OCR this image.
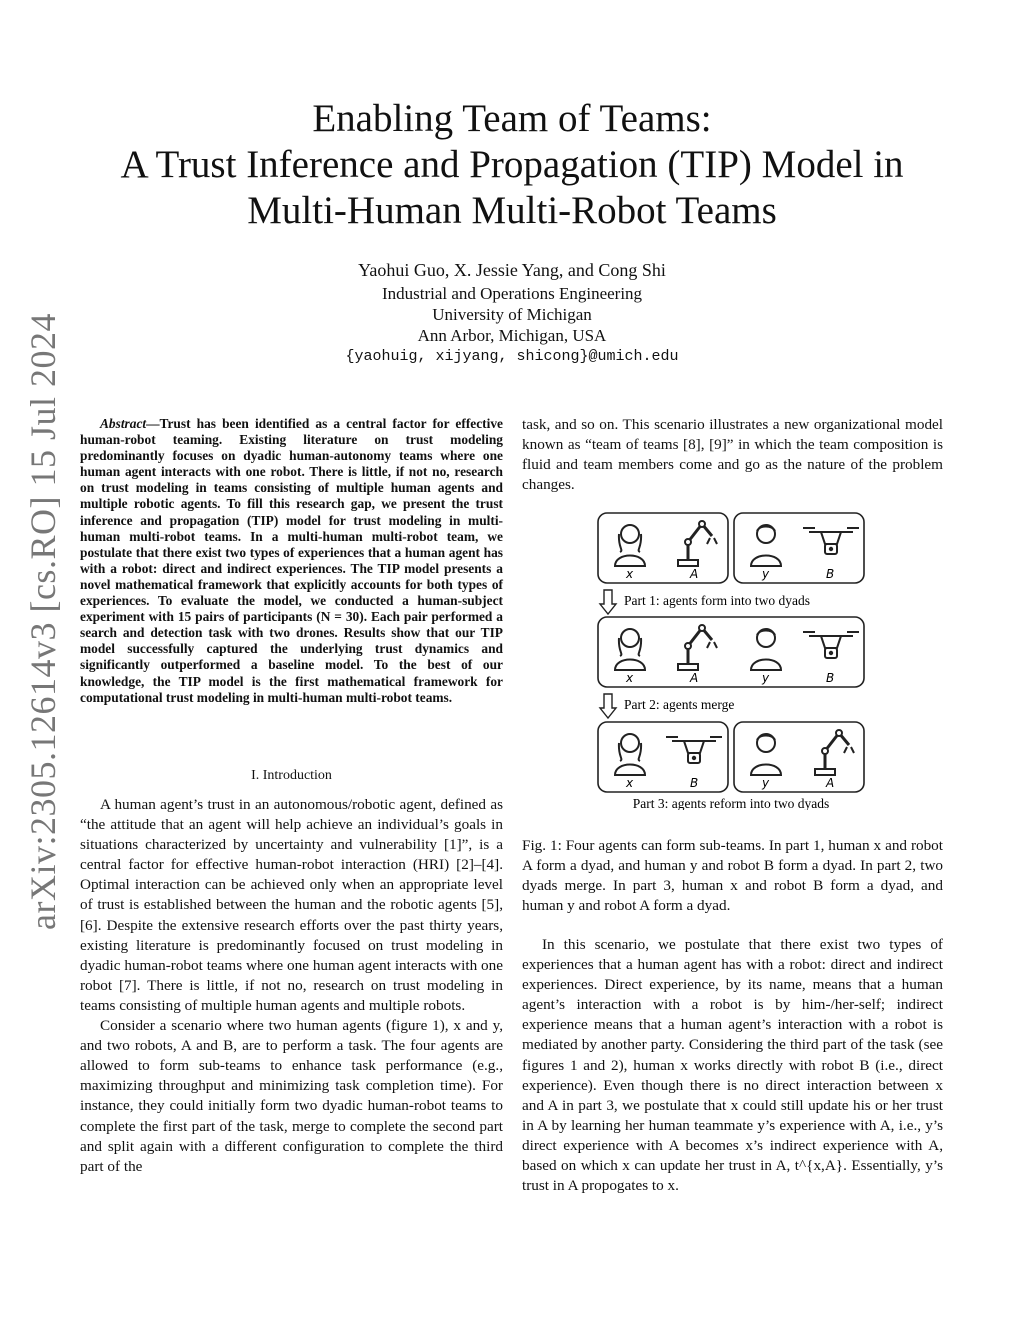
arXiv:2305.12614v3 [cs.RO] 15 Jul 2024
Enabling Team of Teams:
A Trust Inference and Propagation (TIP) Model in
Multi-Human Multi-Robot Teams
Yaohui Guo, X. Jessie Yang, and Cong Shi
Industrial and Operations Engineering
University of Michigan
Ann Arbor, Michigan, USA
{yaohuig, xijyang, shicong}@umich.edu

Abstract—Trust has been identified as a central factor for effective human-robot teaming. Existing literature on trust modeling predominantly focuses on dyadic human-autonomy teams where one human agent interacts with one robot. There is little, if not no, research on trust modeling in teams consisting of multiple human agents and multiple robotic agents. To fill this research gap, we present the trust inference and propagation (TIP) model for trust modeling in multi-human multi-robot teams. In a multi-human multi-robot team, we postulate that there exist two types of experiences that a human agent has with a robot: direct and indirect experiences. The TIP model presents a novel mathematical framework that explicitly accounts for both types of experiences. To evaluate the model, we conducted a human-subject experiment with 15 pairs of participants (N = 30). Each pair performed a search and detection task with two drones. Results show that our TIP model successfully captured the underlying trust dynamics and significantly outperformed a baseline model. To the best of our knowledge, the TIP model is the first mathematical framework for computational trust modeling in multi-human multi-robot teams.

I. Introduction

A human agent’s trust in an autonomous/robotic agent, defined as “the attitude that an agent will help achieve an individual’s goals in situations characterized by uncertainty and vulnerability [1]”, is a central factor for effective human-robot interaction (HRI) [2]–[4]. Optimal interaction can be achieved only when an appropriate level of trust is established between the human and the robotic agents [5], [6]. Despite the extensive research efforts over the past thirty years, existing literature is predominantly focused on trust modeling in dyadic human-robot teams where one human agent interacts with one robot [7]. There is little, if not no, research on trust modeling in teams consisting of multiple human agents and multiple robots.

Consider a scenario where two human agents (figure 1), x and y, and two robots, A and B, are to perform a task. The four agents are allowed to form sub-teams to enhance task performance (e.g., maximizing throughput and minimizing task completion time). For instance, they could initially form two dyadic human-robot teams to complete the first part of the task, merge to complete the second part and split again with a different configuration to complete the third part of the

task, and so on. This scenario illustrates a new organizational model known as “team of teams [8], [9]” in which the team composition is fluid and team members come and go as the nature of the problem changes.

x	A	y	B
Part 1: agents form into two dyads
x	A	y	B
Part 2: agents merge
x	B	y	A
Part 3: agents reform into two dyads

Fig. 1: Four agents can form sub-teams. In part 1, human x and robot A form a dyad, and human y and robot B form a dyad. In part 2, two dyads merge. In part 3, human x and robot B form a dyad, and human y and robot A form a dyad.

In this scenario, we postulate that there exist two types of experiences that a human agent has with a robot: direct and indirect experiences. Direct experience, by its name, means that a human agent’s interaction with a robot is by him-/her-self; indirect experience means that a human agent’s interaction with a robot is mediated by another party. Considering the third part of the task (see figures 1 and 2), human x works directly with robot B (i.e., direct experience). Even though there is no direct interaction between x and A in part 3, we postulate that x could still update his or her trust in A by learning her human teammate y’s experience with A, i.e., y’s direct experience with A becomes x’s indirect experience with A, based on which x can update her trust in A, t^{x,A}. Essentially, y’s trust in A propogates to x.
